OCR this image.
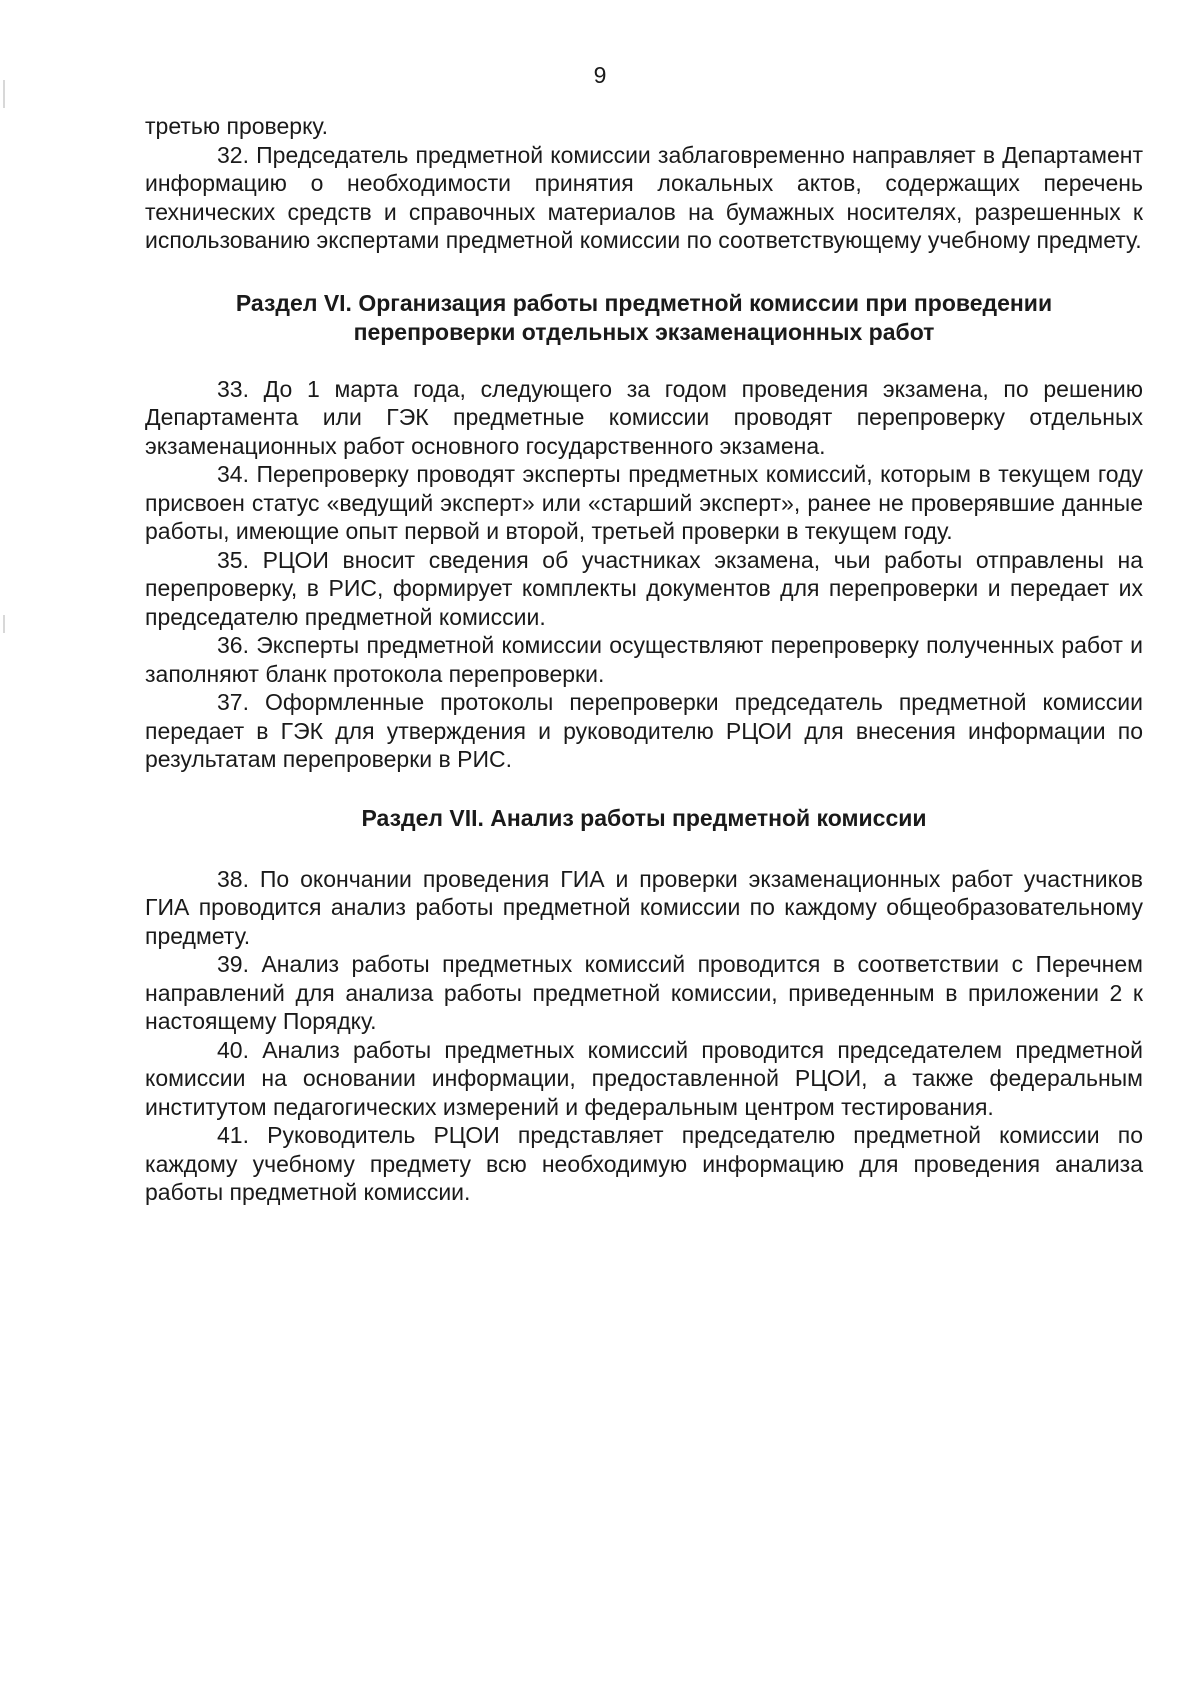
9

третью проверку.

32. Председатель предметной комиссии заблаговременно направляет в Департамент информацию о необходимости принятия локальных актов, содержащих перечень технических средств и справочных материалов на бумажных носителях, разрешенных к использованию экспертами предметной комиссии по соответствующему учебному предмету.

Раздел VI. Организация работы предметной комиссии при проведении перепроверки отдельных экзаменационных работ

33. До 1 марта года, следующего за годом проведения экзамена, по решению Департамента или ГЭК предметные комиссии проводят перепроверку отдельных экзаменационных работ основного государственного экзамена.

34. Перепроверку проводят эксперты предметных комиссий, которым в текущем году присвоен статус «ведущий эксперт» или «старший эксперт», ранее не проверявшие данные работы, имеющие опыт первой и второй, третьей проверки в текущем году.

35. РЦОИ вносит сведения об участниках экзамена, чьи работы отправлены на перепроверку, в РИС, формирует комплекты документов для перепроверки и передает их председателю предметной комиссии.

36. Эксперты предметной комиссии осуществляют перепроверку полученных работ и заполняют бланк протокола перепроверки.

37. Оформленные протоколы перепроверки председатель предметной комиссии передает в ГЭК для утверждения и руководителю РЦОИ для внесения информации по результатам перепроверки в РИС.

Раздел VII. Анализ работы предметной комиссии

38. По окончании проведения ГИА и проверки экзаменационных работ участников ГИА проводится анализ работы предметной комиссии по каждому общеобразовательному предмету.

39. Анализ работы предметных комиссий проводится в соответствии с Перечнем направлений для анализа работы предметной комиссии, приведенным в приложении 2 к настоящему Порядку.

40. Анализ работы предметных комиссий проводится председателем предметной комиссии на основании информации, предоставленной РЦОИ, а также федеральным институтом педагогических измерений и федеральным центром тестирования.

41. Руководитель РЦОИ представляет председателю предметной комиссии по каждому учебному предмету всю необходимую информацию для проведения анализа работы предметной комиссии.
